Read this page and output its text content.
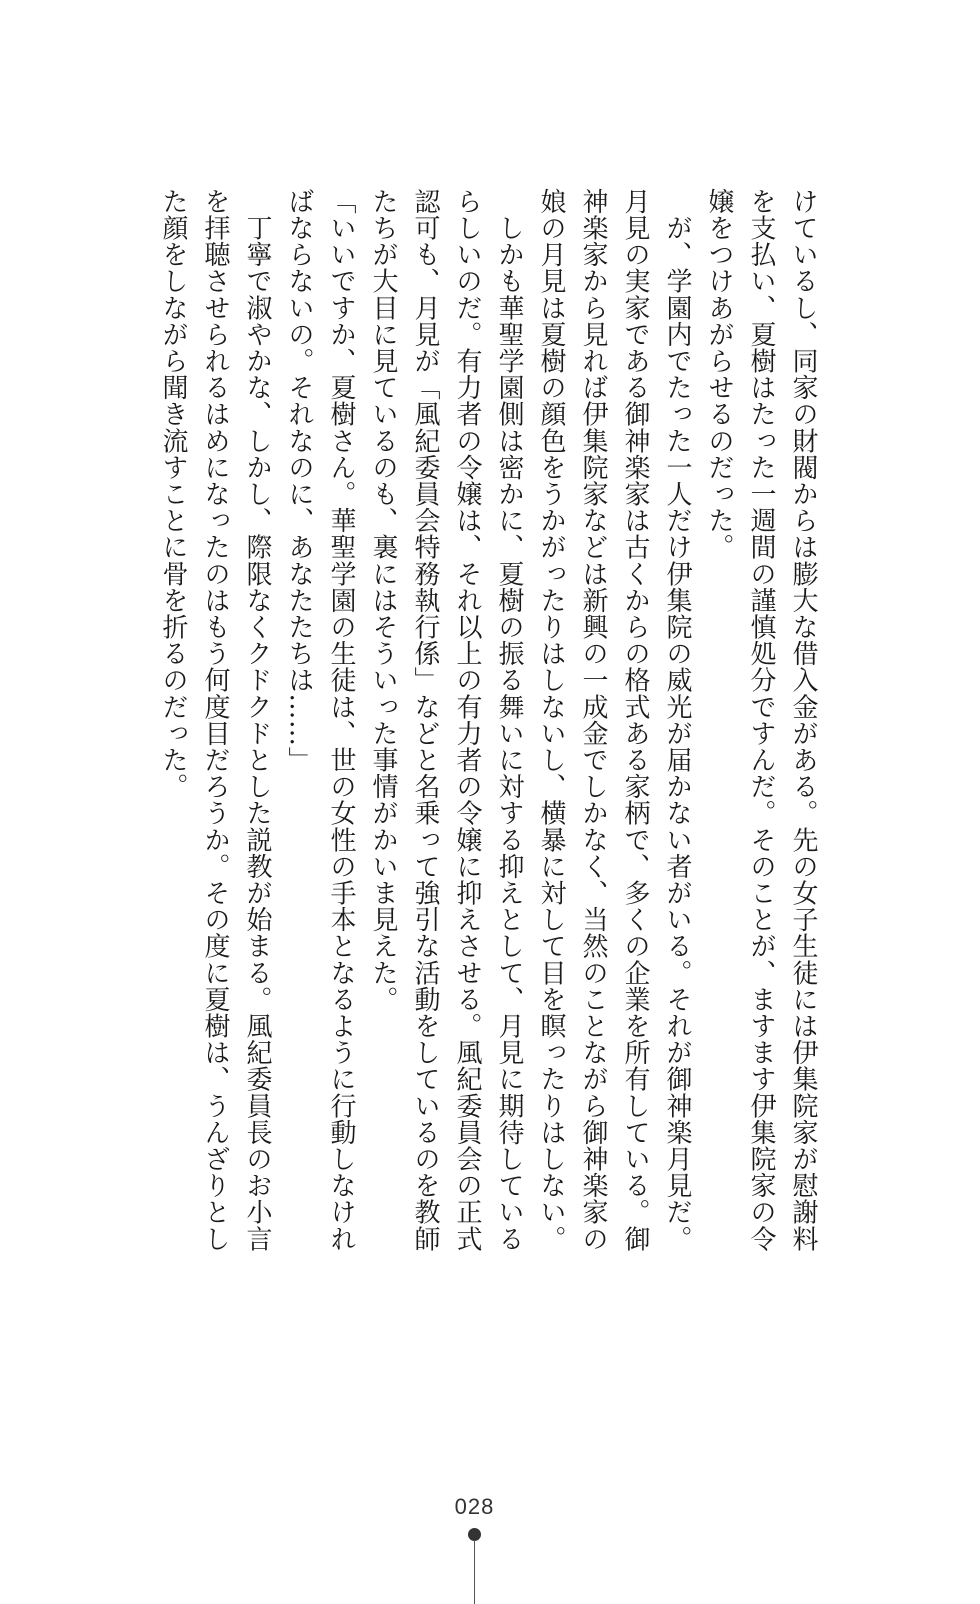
けているし、同家の財閥からは膨大な借入金がある。先の女子生徒には伊集院家が慰謝料

を支払い、夏樹はたった一週間の謹慎処分ですんだ。そのことが、ますます伊集院家の令

嬢をつけあがらせるのだった。

　が、学園内でたった一人だけ伊集院の威光が届かない者がいる。それが御神楽月見だ。

月見の実家である御神楽家は古くからの格式ある家柄で、多くの企業を所有している。御

神楽家から見れば伊集院家などは新興の一成金でしかなく、当然のことながら御神楽家の

娘の月見は夏樹の顔色をうかがったりはしないし、横暴に対して目を瞑ったりはしない。

　しかも華聖学園側は密かに、夏樹の振る舞いに対する抑えとして、月見に期待している

らしいのだ。有力者の令嬢は、それ以上の有力者の令嬢に抑えさせる。風紀委員会の正式

認可も、月見が「風紀委員会特務執行係」などと名乗って強引な活動をしているのを教師

たちが大目に見ているのも、裏にはそういった事情がかいま見えた。

「いいですか、夏樹さん。華聖学園の生徒は、世の女性の手本となるように行動しなけれ

ばならないの。それなのに、あなたたちは……」

　丁寧で淑やかな、しかし、際限なくクドクドとした説教が始まる。風紀委員長のお小言

を拝聴させられるはめになったのはもう何度目だろうか。その度に夏樹は、うんざりとし

た顔をしながら聞き流すことに骨を折るのだった。

028
